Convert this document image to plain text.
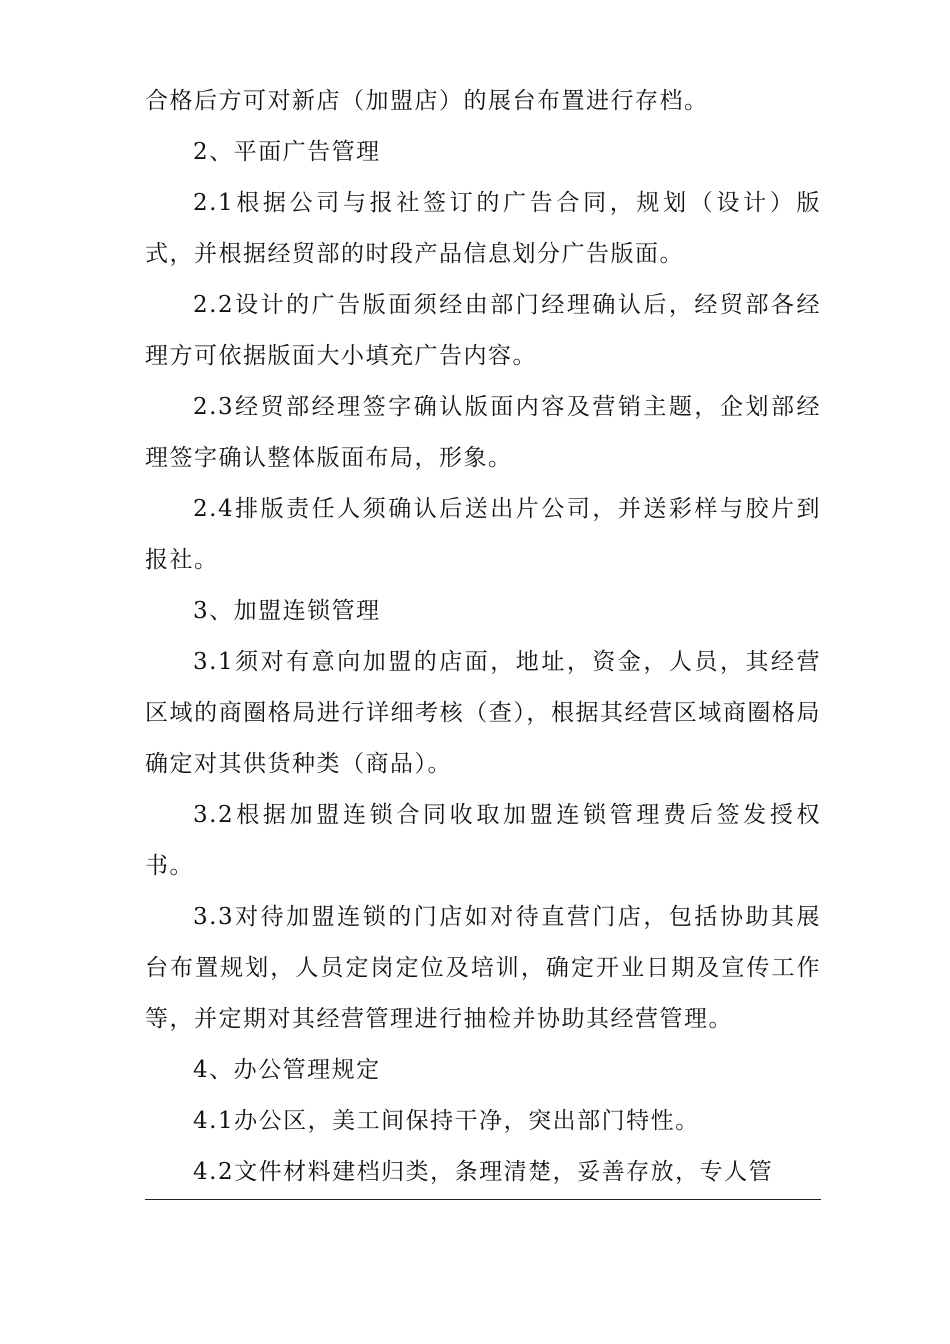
合格后方可对新店（加盟店）的展台布置进行存档。

2、平面广告管理

2.1根据公司与报社签订的广告合同，规划（设计）版式，并根据经贸部的时段产品信息划分广告版面。

2.2设计的广告版面须经由部门经理确认后，经贸部各经理方可依据版面大小填充广告内容。

2.3经贸部经理签字确认版面内容及营销主题，企划部经理签字确认整体版面布局，形象。

2.4排版责任人须确认后送出片公司，并送彩样与胶片到报社。

3、加盟连锁管理

3.1须对有意向加盟的店面，地址，资金，人员，其经营区域的商圈格局进行详细考核（查），根据其经营区域商圈格局确定对其供货种类（商品）。

3.2根据加盟连锁合同收取加盟连锁管理费后签发授权书。

3.3对待加盟连锁的门店如对待直营门店，包括协助其展台布置规划，人员定岗定位及培训，确定开业日期及宣传工作等，并定期对其经营管理进行抽检并协助其经营管理。

4、办公管理规定

4.1办公区，美工间保持干净，突出部门特性。

4.2文件材料建档归类，条理清楚，妥善存放，专人管
